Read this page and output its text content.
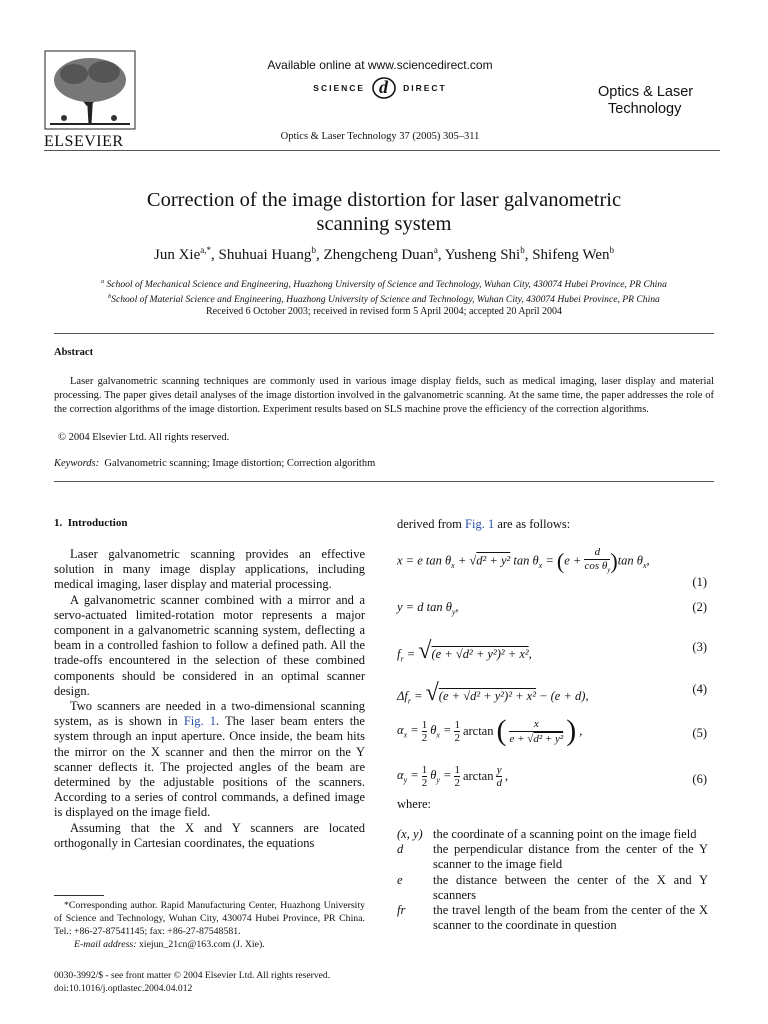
ELSEVIER
Available online at www.sciencedirect.com
SCIENCE d DIRECT
Optics & Laser Technology 37 (2005) 305–311
Optics & Laser
Technology
Correction of the image distortion for laser galvanometric
scanning system
Jun Xie$^{a,*}$, Shuhuai Huang$^b$, Zhengcheng Duan$^a$, Yusheng Shi$^b$, Shifeng Wen$^b$
$^a$ School of Mechanical Science and Engineering, Huazhong University of Science and Technology, Wuhan City, 430074 Hubei Province, PR China
$^b$School of Material Science and Engineering, Huazhong University of Science and Technology, Wuhan City, 430074 Hubei Province, PR China
Received 6 October 2003; received in revised form 5 April 2004; accepted 20 April 2004
Abstract
Laser galvanometric scanning techniques are commonly used in various image display fields, such as medical imaging, laser display and material processing. The paper gives detail analyses of the image distortion involved in the galvanometric scanning. At the same time, the paper addresses the role of the correction algorithms of the image distortion. Experiment results based on SLS machine prove the efficiency of the correction algorithms.
© 2004 Elsevier Ltd. All rights reserved.
Keywords: Galvanometric scanning; Image distortion; Correction algorithm
1.  Introduction
Laser galvanometric scanning provides an effective solution in many image display applications, including medical imaging, laser display and material processing.
A galvanometric scanner combined with a mirror and a servo-actuated limited-rotation motor represents a major component in a galvanometric scanning system, deflecting a beam in a controlled fashion to follow a defined path. All the trade-offs encountered in the selection of these combined components should be considered in an optimal scanner design.
Two scanners are needed in a two-dimensional scanning system, as is shown in Fig. 1. The laser beam enters the system through an input aperture. Once inside, the beam hits the mirror on the X scanner and then the mirror on the Y scanner deflects it. The projected angles of the beam are determined by the adjustable positions of the scanners. According to a series of control commands, a defined image is displayed on the image field.
Assuming that the X and Y scanners are located orthogonally in Cartesian coordinates, the equations
*Corresponding author. Rapid Manufacturing Center, Huazhong University of Science and Technology, Wuhan City, 430074 Hubei Province, PR China. Tel.: +86-27-87541145; fax: +86-27-87548581.
E-mail address: xiejun_21cn@163.com (J. Xie).
0030-3992/$ - see front matter © 2004 Elsevier Ltd. All rights reserved.
doi:10.1016/j.optlastec.2004.04.012
derived from Fig. 1 are as follows:
x = e $\tan \theta_x + √d^2 + y^2$ $\tan \theta_x = (e + \frac{d}{\cos \theta_y} )\tan$ $\theta_x$,
(1)
y = d $\tan \theta_y$,	(2)
$f_r = √(e + √d^2 + y^2)^2 + x^2$,	(3)
$\Delta f_r = √(e + √d^2 + y^2)^2 + x^2 - (e + d)$,	(4)
$\alpha_x = \frac{1}{2} \theta_x = \frac{1}{2}$ arctan (	x
e + √d² + y² ) ,	(5)
$\alpha_y = \frac{1}{2} \theta_y = \frac{1}{2}$ arctan y
d ,	(6)
where:
(x, y) the coordinate of a scanning point on the image field
d	the perpendicular distance from the center of the Y scanner to the image field
e	the distance between the center of the X and Y scanners
fr	the travel length of the beam from the center of the X scanner to the coordinate in question
